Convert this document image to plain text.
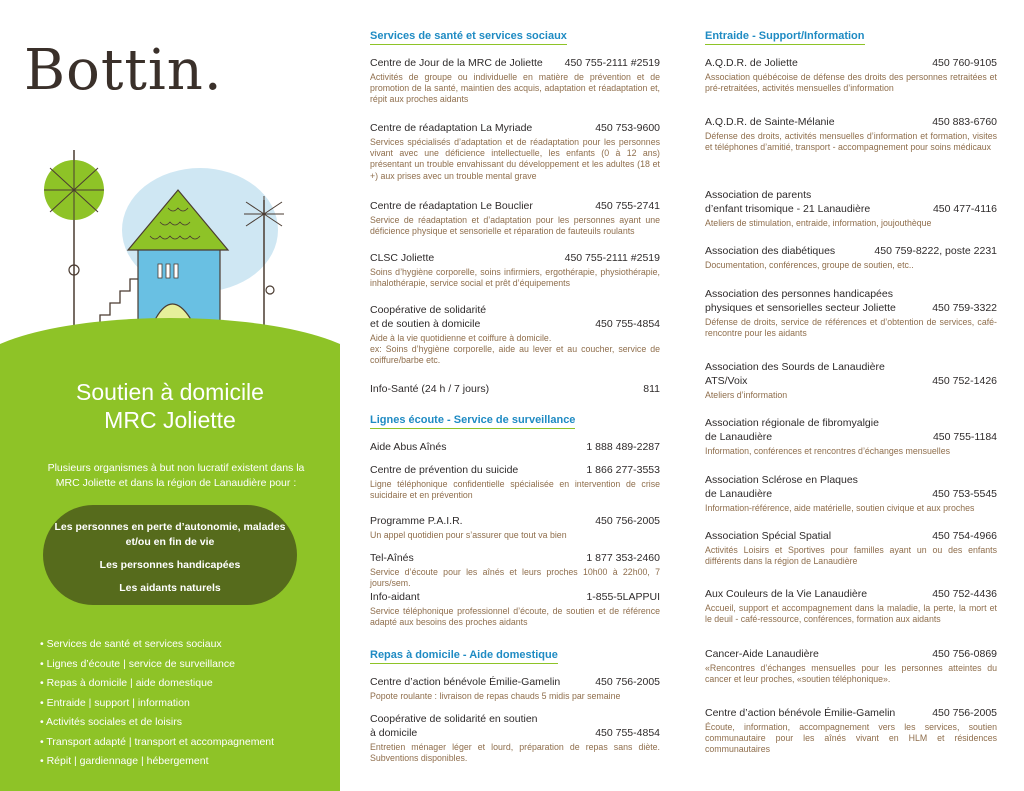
Bottin.
Soutien à domicile
MRC Joliette
Plusieurs organismes à but non lucratif existent dans la MRC Joliette et dans la région de Lanaudière pour :
Les personnes en perte d’autonomie, malades et/ou en fin de vie
Les personnes handicapées
Les aidants naturels
• Services de santé et services sociaux
• Lignes d’écoute | service de surveillance
• Repas à domicile | aide domestique
• Entraide | support | information
• Activités sociales et de loisirs
• Transport adapté | transport et accompagnement
• Répit | gardiennage | hébergement
Services de santé et services sociaux
Centre de Jour de la MRC de Joliette 450 755-2111 #2519
Activités de groupe ou individuelle en matière de prévention et de promotion de la santé, maintien des acquis, adaptation et réadaptation et, répit aux proches aidants
Centre de réadaptation La Myriade	450 753-9600
Services spécialisés d’adaptation et de réadaptation pour les personnes vivant avec une déficience intellectuelle, les enfants (0 à 12 ans) présentant un trouble envahissant du développement et les adultes (18 et +) aux prises avec un trouble mental grave
Centre de réadaptation Le Bouclier	450 755-2741
Service de réadaptation et d’adaptation pour les personnes ayant une déficience physique et sensorielle et réparation de fauteuils roulants
CLSC Joliette	450 755-2111 #2519
Soins d’hygiène corporelle, soins infirmiers, ergothérapie, physiothérapie, inhalothérapie, service social et prêt d’équipements
Coopérative de solidarité
et de soutien à domicile	450 755-4854
Aide à la vie quotidienne et coiffure à domicile.
ex: Soins d’hygiène corporelle, aide au lever et au coucher, service de coiffure/barbe etc.
Info-Santé (24 h / 7 jours)	811
Lignes écoute - Service de surveillance
Aide Abus Aînés	1 888 489-2287
Centre de prévention du suicide	1 866 277-3553
Ligne téléphonique confidentielle spécialisée en intervention de crise suicidaire et en prévention
Programme P.A.I.R.	450 756-2005
Un appel quotidien pour s’assurer que tout va bien
Tel-Aînés	1 877 353-2460
Service d’écoute pour les aînés et leurs proches 10h00 à 22h00, 7 jours/sem.
Info-aidant	1-855-5LAPPUI
Service téléphonique professionnel d’écoute, de soutien et de référence adapté aux besoins des proches aidants
Repas à domicile - Aide domestique
Centre d’action bénévole Émilie-Gamelin	450 756-2005
Popote roulante : livraison de repas chauds 5 midis par semaine
Coopérative de solidarité en soutien
à domicile	450 755-4854
Entretien ménager léger et lourd, préparation de repas sans diète. Subventions disponibles.
Entraide - Support/Information
A.Q.D.R. de Joliette	450 760-9105
Association québécoise de défense des droits des personnes retraitées et pré-retraitées, activités mensuelles d’information
A.Q.D.R. de Sainte-Mélanie	450 883-6760
Défense des droits, activités mensuelles d’information et formation, visites et téléphones d’amitié, transport - accompagnement pour soins médicaux
Association de parents
d’enfant trisomique - 21 Lanaudière	450 477-4116
Ateliers de stimulation, entraide, information, joujouthèque
Association des diabétiques	450 759-8222, poste 2231
Documentation, conférences, groupe de soutien, etc..
Association des personnes handicapées
physiques et sensorielles secteur Joliette	450 759-3322
Défense de droits, service de références et d’obtention de services, café-rencontre pour les aidants
Association des Sourds de Lanaudière
ATS/Voix	450 752-1426
Ateliers d’information
Association régionale de fibromyalgie
de Lanaudière	450 755-1184
Information, conférences et rencontres d’échanges mensuelles
Association Sclérose en Plaques
de Lanaudière	450 753-5545
Information-référence, aide matérielle, soutien civique et aux proches
Association Spécial Spatial	450 754-4966
Activités Loisirs et Sportives pour familles ayant un ou des enfants différents dans la région de Lanaudière
Aux Couleurs de la Vie Lanaudière	450 752-4436
Accueil, support et accompagnement dans la maladie, la perte, la mort et le deuil - café-ressource, conférences, formation aux aidants
Cancer-Aide Lanaudière	450 756-0869
«Rencontres d’échanges mensuelles pour les personnes atteintes du cancer et leur proches, «soutien téléphonique».
Centre d’action bénévole Émilie-Gamelin	450 756-2005
Écoute, information, accompagnement vers les services, soutien communautaire pour les aînés vivant en HLM et résidences communautaires
